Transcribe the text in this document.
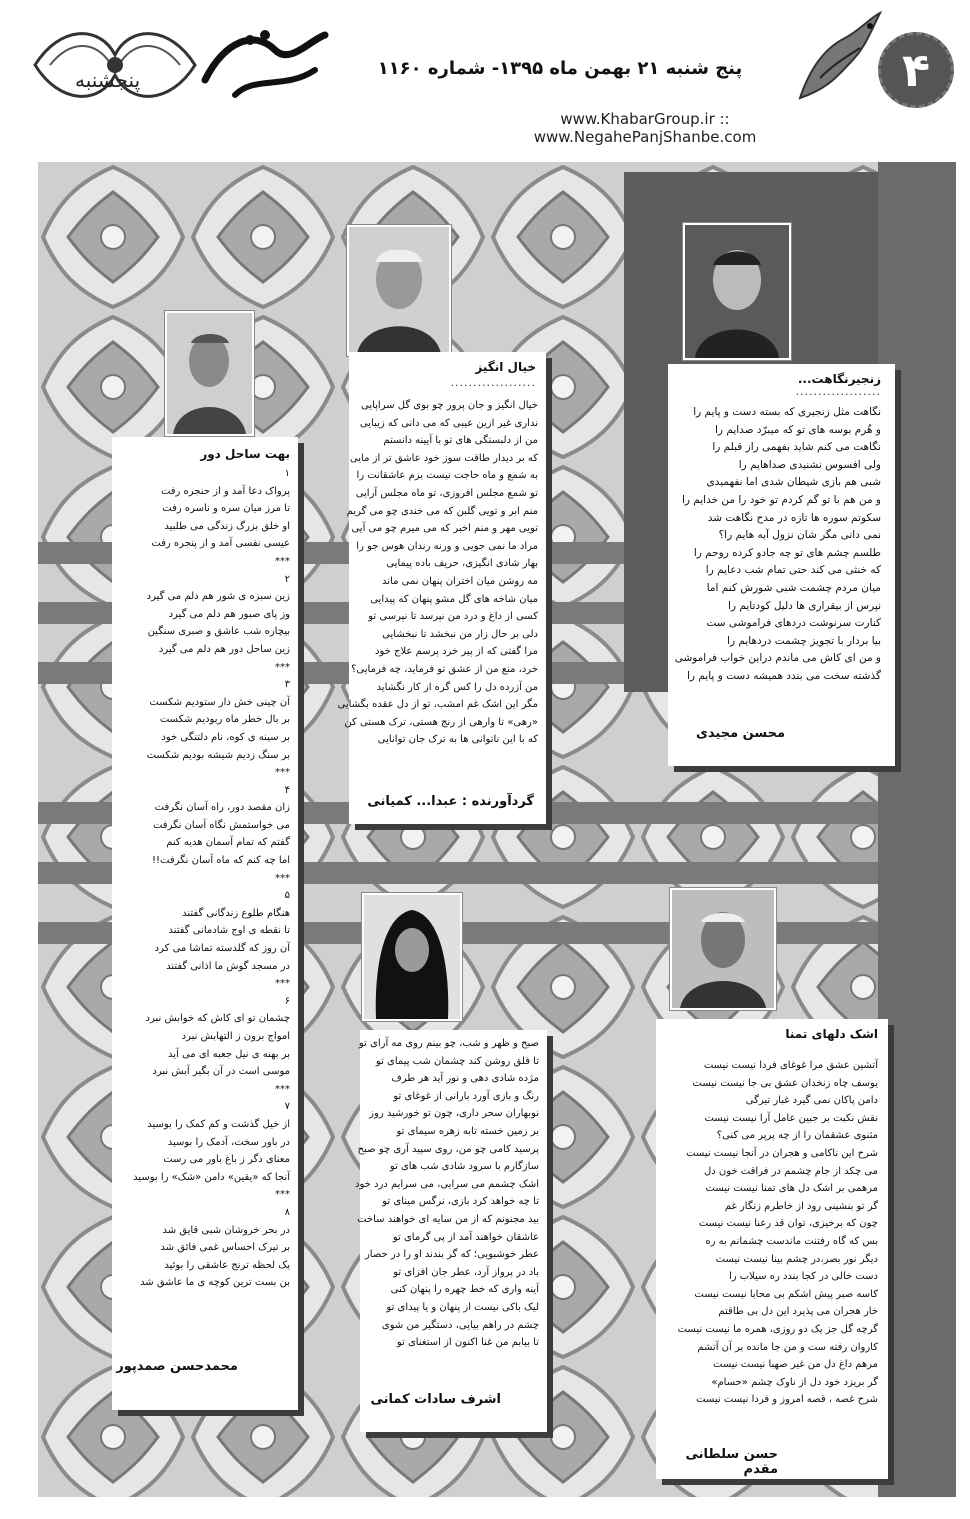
پنجشنبه	پنج شنبه ۲۱ بهمن ماه ۱۳۹۵- شماره ۱۱۶۰
www.KhabarGroup.ir :: www.NegahePanjShanbe.com
۴
زنجیرنگاهت...
...................
نگاهت مثل زنجیری که بسته دست و پایم را
و هُرم بوسه های تو که میبرّد صدایم را
نگاهت می کنم شاید بفهمی راز قبلم را
ولی افسوس نشنیدی صداهایم را
شبی هم بازی شیطان شدی اما نفهمیدی
و من هم با تو گم کردم تو خود را من خدایم را
سکوتم سوره ها تازه در مدح نگاهت شد
نمی دانی مگر شان نزول آیه هایم را؟
طلسم چشم های تو چه جادو کرده روحم را
که خنثی می کند حتی تمام شب دعایم را
میان مردم چشمت شبی شورش کنم اما
نپرس از بیقراری ها دلیل کودتایم را
کنارت سرنوشت دردهای فراموشی ست
بیا بردار با تجویز چشمت دردهایم را
و من ای کاش می ماندم دراین خواب فراموشی
گذشته سخت می بندد همیشه دست و پایم را
محسن مجیدی
خیال انگیز
...................
خیال انگیز و جان پرور چو بوی گل سراپایی
نداری غیر ازین عیبی که می دانی که زیبایی
من از دلبستگی های تو با آیینه دانستم
که بر دیدار طاقت سوز خود عاشق تر از مایی
به شمع و ماه حاجت نیست بزم عاشقانت را
تو شمع مجلس افروزی، تو ماه مجلس آرایی
منم ابر و تویی گلبن که می خندی چو می گریم
تویی مهر و منم اخبر که می میرم چو می آیی
مراد ما نمی جویی و ورنه رندان هوس جو را
بهار شادی انگیزی، حریف باده پیمایی
مه روشن میان اختران پنهان نمی ماند
میان شاخه های گل مشو پنهان که پیدایی
کسی از داغ و درد من نپرسد تا نپرسی تو
دلی بر حال زار من نبخشد تا نبخشایی
مرا گفتی که از پیر خرد پرسم علاج خود
خرد، منع من از عشق تو فرماید، چه فرمایی؟
من آزرده دل را کس گره از کار نگشاید
مگر این اشک غم امشب، تو از دل عقده بگشایی
«رهی» تا وارهی از رنج هستی، ترک هستی کن
که با این ناتوانی ها به ترک جان توانایی
گردآورنده : عبدا... کمیانی
بهت ساحل دور
۱
پرواک دعا آمد و از حنجره رفت
تا مرز میان سره و ناسره رفت
او خلق بزرگ زندگی می طلبید
عیسی نفسی آمد و از پنجره رفت
***
۲
زین سبزه ی شور هم دلم می گیرد
وز پای صبور هم دلم می گیرد
بیچاره شب عاشق و صبری سنگین
زین ساحل دور هم دلم می گیرد
***
۳
آن چینی خش دار ستودیم شکست
بر بال خطر ماه ربودیم شکست
بر سینه ی کوه، نام دلتنگی خود
بر سنگ زدیم شیشه بودیم شکست
***
۴
زان مقصد دور، راه آسان نگرفت
می خواستمش نگاه آسان نگرفت
گفتم که تمام آسمان هدیه کنم
اما چه کنم که ماه آسان نگرفت!!
***
۵
هنگام طلوع زندگانی گفتند
تا نقطه ی اوج شادمانی گفتند
آن روز که گلدسته تماشا می کرد
در مسجد گوش ما اذانی گفتند
***
۶
چشمان تو ای کاش که خوابش نبرد
امواج برون ز التهابش نبرد
بر بهنه ی نیل جعبه ای می آید
موسی است در آن بگیر آبش نبرد
***
۷
از خیل گذشت و کم کمک را بوسید
در باور سخت، آدمک را بوسید
معنای دگر ز باغ باور می رست
آنجا که «یقین» دامن «شک» را بوسید
***
۸
در بحر خروشان شبی قایق شد
بر تیرک احساس غمی فائق شد
یک لحظه ترنج عاشقی را بوئید
بن بست ترین کوچه ی ما عاشق شد
محمدحسن صمدپور
صبح و ظهر و شب، چو بینم روی مه آرای تو
تا فلق روشن کند چشمان شب پیمای تو
مژده شادی دهی و نور آید هر طرف
رنگ و بازی آورد بارانی از غوغای تو
نوبهاران سحر داری، چون تو خورشید روز
بر زمین خسته تابه زهره سیمای تو
پرسید کامی چو من، روی سپید آری چو صبح
سازگارم با سرود شادی شب های تو
اشک چشمم می سرایی، می سرایم درد خود
تا چه خواهد کرد بازی، نرگس مینای تو
بید مجنونم که از من سایه ای خواهند ساخت
عاشقان خواهند آمد از پی گرمای تو
عطر خوشبویی؛ که گر بندند او را در حصار
باد در پرواز آرد، عطر جان افزای تو
آینه واری که خط چهره را پنهان کنی
لیک باکی نیست از پنهان و یا پیدای تو
چشم در راهم بیایی، دستگیر من شوی
تا بیابم من غنا اکنون از استغنای تو
اشرف سادات کمانی
اشک دلهای تمنا
آتشین عشق مرا غوغای فردا نیست نیست
یوسف چاه زنخدان عشق بی جا نیست نیست
دامن پاکان نمی گیرد غبار تیرگی
نقش نکبت بر جبین عامل آرا نیست نیست
مثنوی عشقمان را از چه پرپر می کنی؟
شرح این ناکامی و هجران در آنجا نیست نیست
می چکد از جام چشمم در فراقت خون دل
مرهمی بر اشک دل های تمنا نیست نیست
گر تو بنشینی رود از خاطرم زنگار غم
چون که برخیزی، توان قد رعنا نیست نیست
بس که گاه رفتنت ماندست چشمانم به ره
دیگر نور بصر،در چشم بینا نیست نیست
دست خالی در کجا بندد ره سیلاب را
کاسه صبر پیش اشکم بی محابا نیست نیست
خار هجران می پذیرد این دل بی طاقتم
گرچه گل جز یک دو روزی، همره ما نیست نیست
کاروان رفته ست و من جا مانده بر آن آتشم
مرهم داغ دل من غیر صهبا نیست نیست
گر بریزد خود دل از ناوک چشم «حسام»
شرح غصه ، قصه امروز و فردا نیست نیست
حسن سلطانی مقدم
